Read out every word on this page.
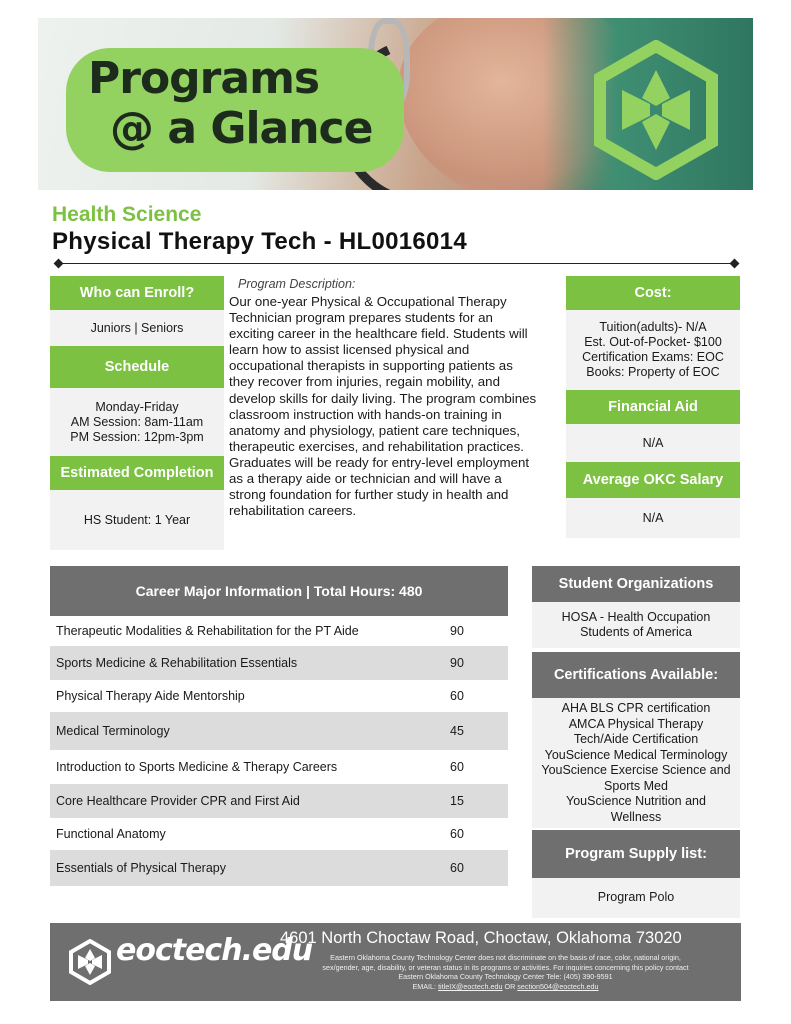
Programs
@ a Glance
Health Science
Physical Therapy Tech - HL0016014
Who can Enroll?
Juniors | Seniors
Schedule
Monday-Friday
AM Session: 8am-11am
PM Session: 12pm-3pm
Estimated Completion
HS Student: 1 Year
Program Description:
Our one-year Physical & Occupational Therapy Technician program prepares students for an exciting career in the healthcare field. Students will learn how to assist licensed physical and occupational therapists in supporting patients as they recover from injuries, regain mobility, and develop skills for daily living. The program combines classroom instruction with hands-on training in anatomy and physiology, patient care techniques, therapeutic exercises, and rehabilitation practices. Graduates will be ready for entry-level employment as a therapy aide or technician and will have a strong foundation for further study in health and rehabilitation careers.
Cost:
Tuition(adults)- N/A
Est. Out-of-Pocket- $100
Certification Exams: EOC
Books: Property of EOC
Financial Aid
N/A
Average OKC Salary
N/A
Career Major Information | Total Hours: 480
Therapeutic Modalities & Rehabilitation for the PT Aide	90
Sports Medicine & Rehabilitation Essentials	90
Physical Therapy Aide Mentorship	60
Medical Terminology	45
Introduction to Sports Medicine & Therapy Careers	60
Core Healthcare Provider CPR and First Aid	15
Functional Anatomy	60
Essentials of Physical Therapy	60
Student Organizations
HOSA - Health Occupation
Students of America
Certifications Available:
AHA BLS CPR certification
AMCA Physical Therapy
Tech/Aide Certification
YouScience Medical Terminology
YouScience Exercise Science and
Sports Med
YouScience Nutrition and
Wellness
Program Supply list:
Program Polo
eoctech.edu
4601 North Choctaw Road, Choctaw, Oklahoma 73020
Eastern Oklahoma County Technology Center does not discriminate on the basis of race, color, national origin,
sex/gender, age, disability, or veteran status in its programs or activities. For inquiries concerning this policy contact
Eastern Oklahoma County Technology Center Tele: (405) 390-9591
EMAIL: titleIX@eoctech.edu OR section504@eoctech.edu
